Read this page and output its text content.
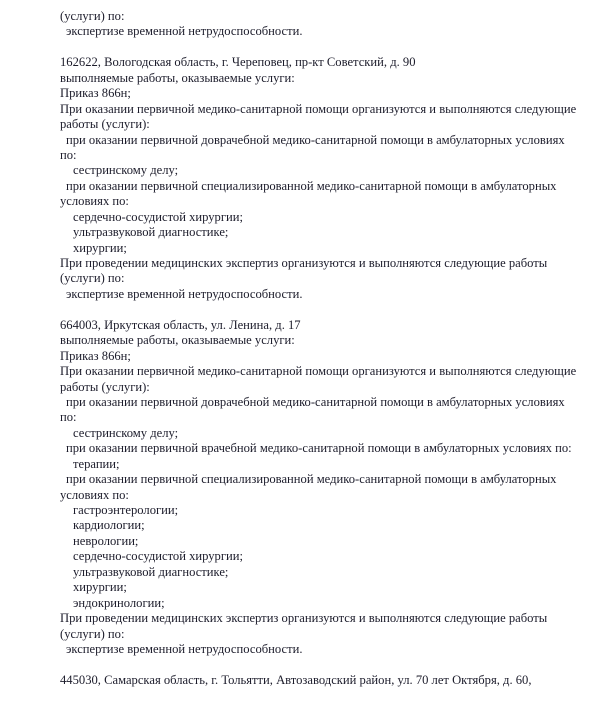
(услуги) по:
экспертизе временной нетрудоспособности.
162622, Вологодская область, г. Череповец, пр-кт Советский, д. 90
выполняемые работы, оказываемые услуги:
Приказ 866н;
При оказании первичной медико-санитарной помощи организуются и выполняются следующие
работы (услуги):
при оказании первичной доврачебной медико-санитарной помощи в амбулаторных условиях
по:
сестринскому делу;
при оказании первичной специализированной медико-санитарной помощи в амбулаторных
условиях по:
сердечно-сосудистой хирургии;
ультразвуковой диагностике;
хирургии;
При проведении медицинских экспертиз организуются и выполняются следующие работы
(услуги) по:
экспертизе временной нетрудоспособности.
664003, Иркутская область, ул. Ленина, д. 17
выполняемые работы, оказываемые услуги:
Приказ 866н;
При оказании первичной медико-санитарной помощи организуются и выполняются следующие
работы (услуги):
при оказании первичной доврачебной медико-санитарной помощи в амбулаторных условиях
по:
сестринскому делу;
при оказании первичной врачебной медико-санитарной помощи в амбулаторных условиях по:
терапии;
при оказании первичной специализированной медико-санитарной помощи в амбулаторных
условиях по:
гастроэнтерологии;
кардиологии;
неврологии;
сердечно-сосудистой хирургии;
ультразвуковой диагностике;
хирургии;
эндокринологии;
При проведении медицинских экспертиз организуются и выполняются следующие работы
(услуги) по:
экспертизе временной нетрудоспособности.
445030, Самарская область, г. Тольятти, Автозаводский район, ул. 70 лет Октября, д. 60,
